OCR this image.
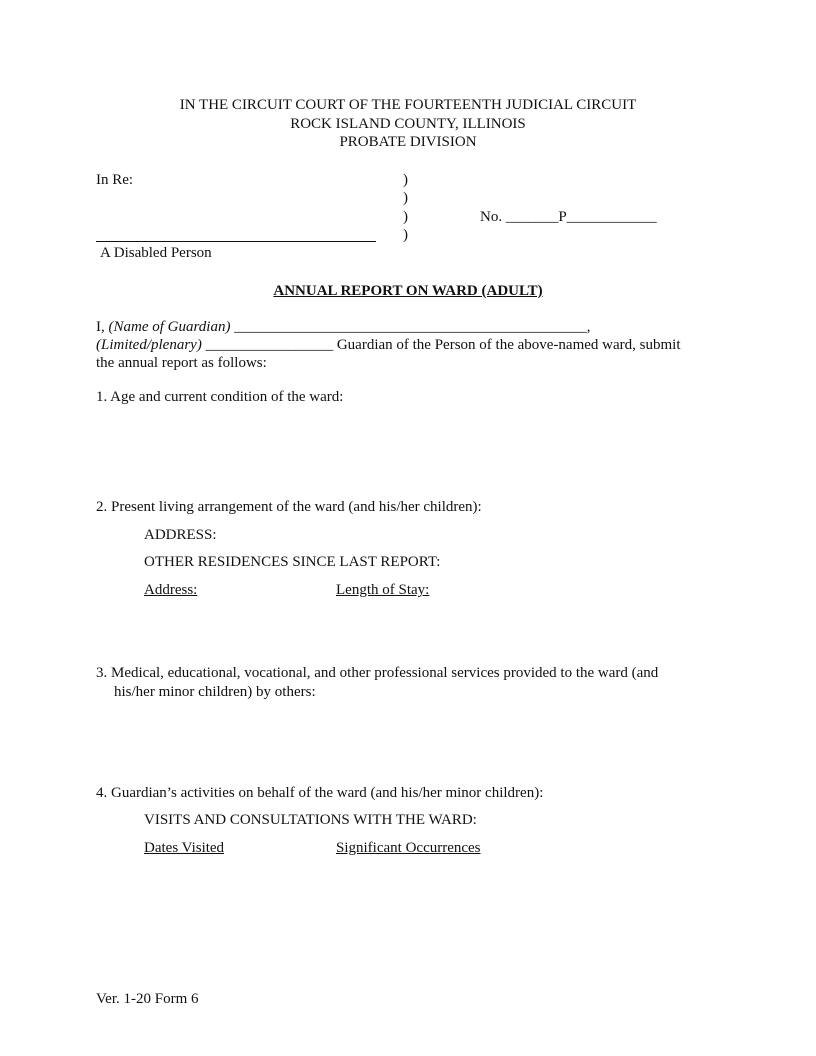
IN THE CIRCUIT COURT OF THE FOURTEENTH JUDICIAL CIRCUIT
ROCK ISLAND COUNTY, ILLINOIS
PROBATE DIVISION
In Re:	)
)
)
)
No. _______P____________
A Disabled Person
ANNUAL REPORT ON WARD (ADULT)
I, (Name of Guardian) _______________________________________________,
(Limited/plenary) _________________ Guardian of the Person of the above-named ward, submit
the annual report as follows:
1. Age and current condition of the ward:
2. Present living arrangement of the ward (and his/her children):
ADDRESS:
OTHER RESIDENCES SINCE LAST REPORT:
Address:	Length of Stay:
3. Medical, educational, vocational, and other professional services provided to the ward (and
his/her minor children) by others:
4. Guardian’s activities on behalf of the ward (and his/her minor children):
VISITS AND CONSULTATIONS WITH THE WARD:
Dates Visited	Significant Occurrences
Ver. 1-20 Form 6
